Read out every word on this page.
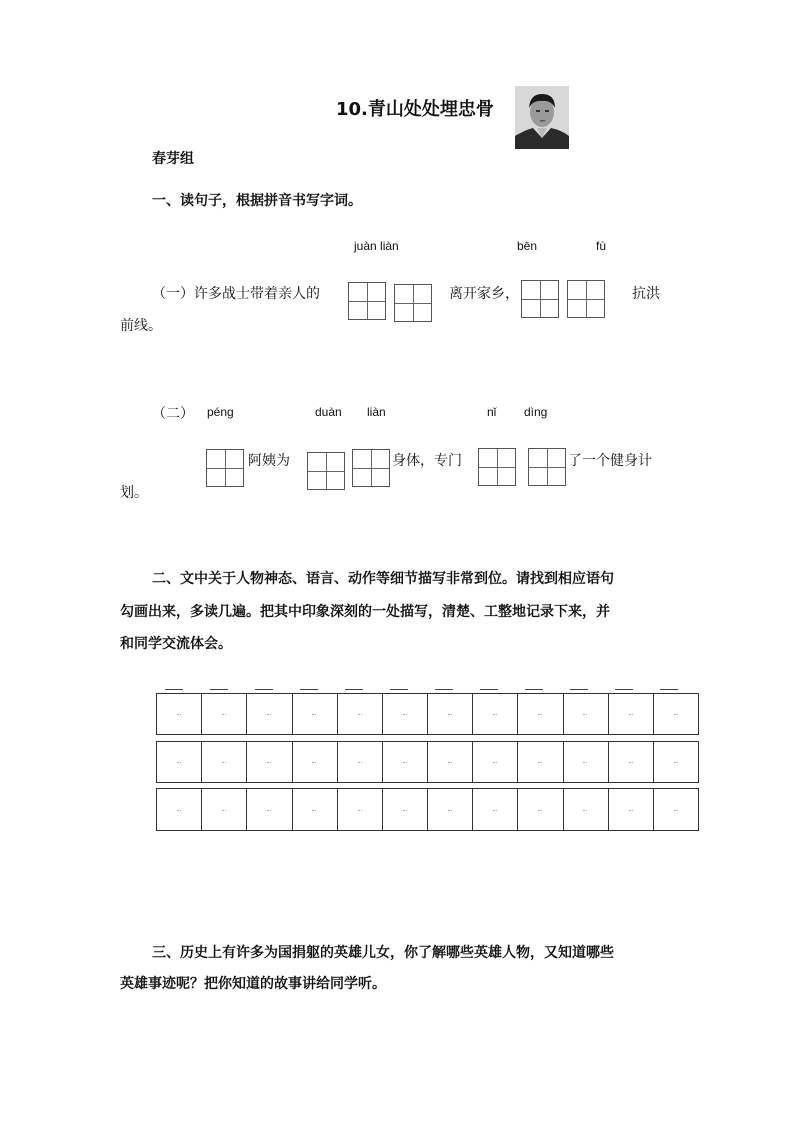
10.青山处处埋忠骨
春芽组
一、读句子，根据拼音书写字词。
juàn liàn	bēn	fù
（一）许多战士带着亲人的	离开家乡，	抗洪
前线。
（二） péng	duàn liàn	nǐ dìng
阿姨为	身体，专门	了一个健身计
划。
二、文中关于人物神态、语言、动作等细节描写非常到位。请找到相应语句
勾画出来，多读几遍。把其中印象深刻的一处描写，清楚、工整地记录下来，并
和同学交流体会。
三、历史上有许多为国捐躯的英雄儿女，你了解哪些英雄人物，又知道哪些
英雄事迹呢？把你知道的故事讲给同学听。
